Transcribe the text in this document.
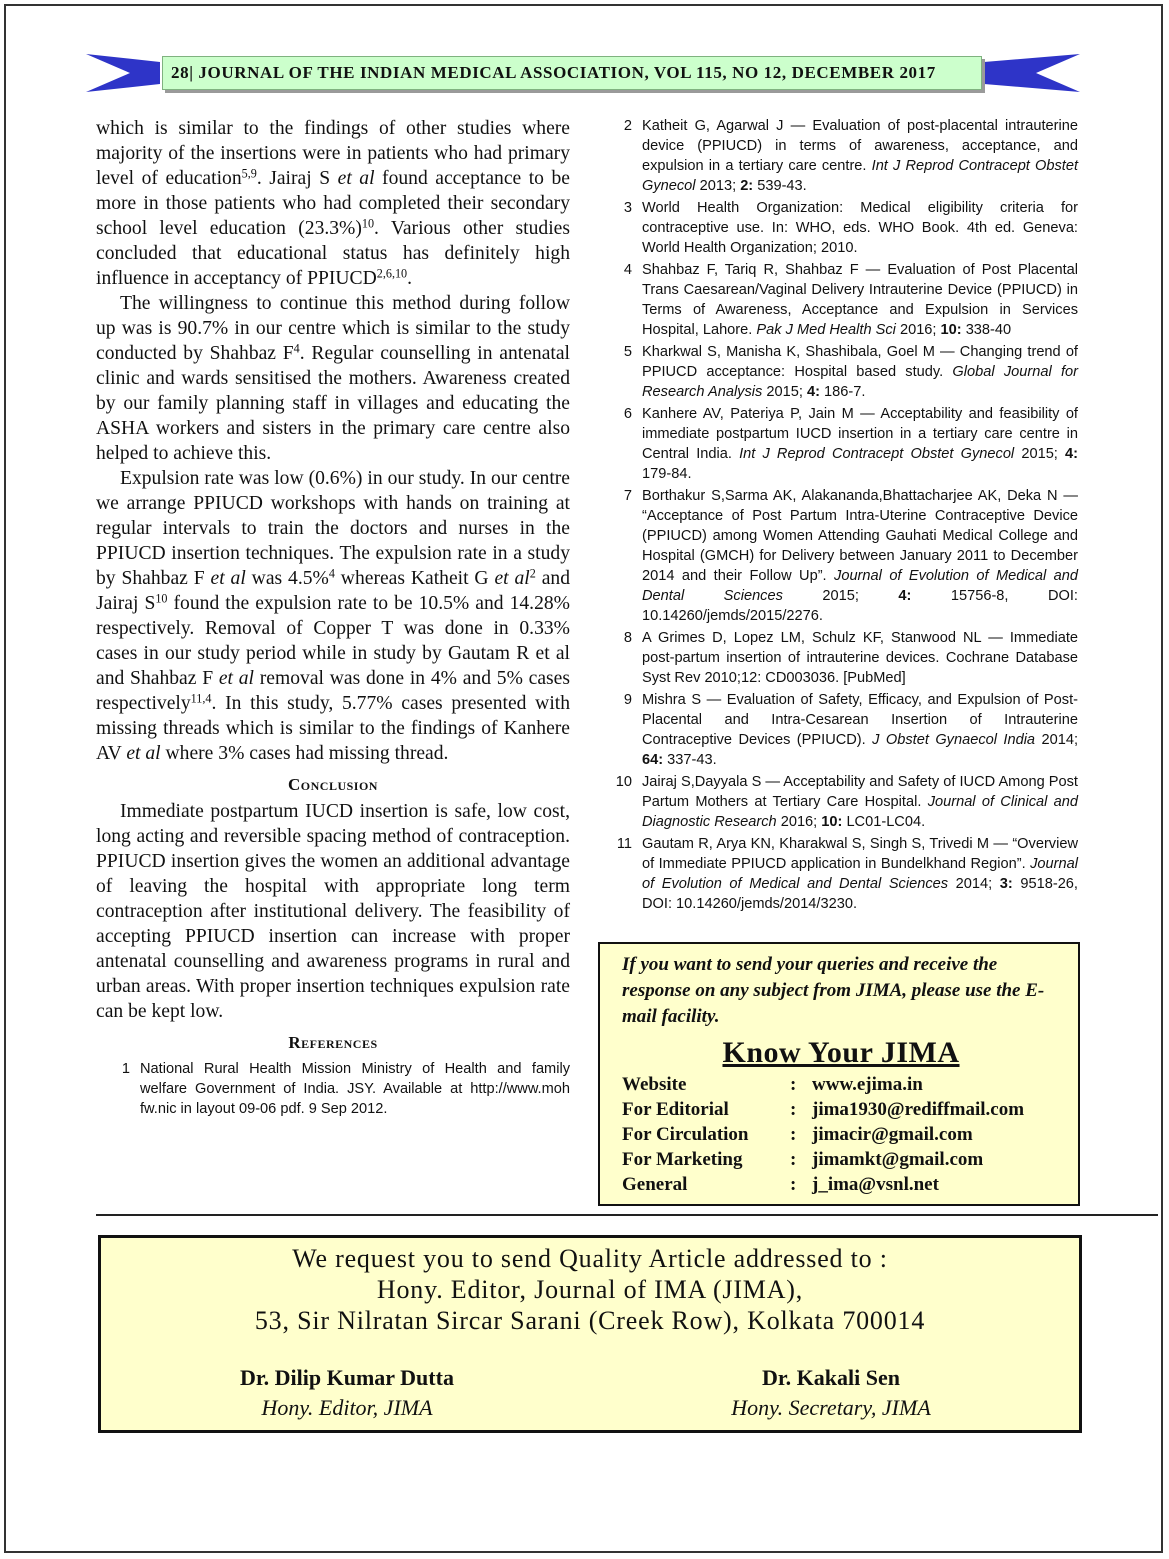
28| JOURNAL OF THE INDIAN MEDICAL ASSOCIATION, VOL 115, NO 12, DECEMBER 2017

which is similar to the findings of other studies where majority of the insertions were in patients who had primary level of education$^{5,9}$. Jairaj S et al found acceptance to be more in those patients who had completed their secondary school level education $(23.3\%)^{10}$. Various other studies concluded that educational status has definitely high influence in acceptancy of PPIUCD$^{2,6,10}$.

The willingness to continue this method during follow up was is 90.7% in our centre which is similar to the study conducted by Shahbaz $F^4$. Regular counselling in antenatal clinic and wards sensitised the mothers. Awareness created by our family planning staff in villages and educating the ASHA workers and sisters in the primary care centre also helped to achieve this.

Expulsion rate was low (0.6%) in our study. In our centre we arrange PPIUCD workshops with hands on training at regular intervals to train the doctors and nurses in the PPIUCD insertion techniques. The expulsion rate in a study by Shahbaz F et al was 4.5%$^4$ whereas Katheit G et $al^2$ and Jairaj $S^{10}$ found the expulsion rate to be 10.5% and 14.28% respectively. Removal of Copper T was done in 0.33% cases in our study period while in study by Gautam R et al and Shahbaz F et al removal was done in 4% and 5% cases respectively$^{11,4}$. In this study, 5.77% cases presented with missing threads which is similar to the findings of Kanhere AV et al where 3% cases had missing thread.

Conclusion

Immediate postpartum IUCD insertion is safe, low cost, long acting and reversible spacing method of contraception. PPIUCD insertion gives the women an additional advantage of leaving the hospital with appropriate long term contraception after institutional delivery. The feasibility of accepting PPIUCD insertion can increase with proper antenatal counselling and awareness programs in rural and urban areas. With proper insertion techniques expulsion rate can be kept low.

References

1 National Rural Health Mission Ministry of Health and family welfare Government of India. JSY. Available at http://www.moh fw.nic in layout 09-06 pdf. 9 Sep 2012.
2 Katheit G, Agarwal J — Evaluation of post-placental intrauterine device (PPIUCD) in terms of awareness, acceptance, and expulsion in a tertiary care centre. Int J Reprod Contracept Obstet Gynecol 2013; 2: 539-43.
3 World Health Organization: Medical eligibility criteria for contraceptive use. In: WHO, eds. WHO Book. 4th ed. Geneva: World Health Organization; 2010.
4 Shahbaz F, Tariq R, Shahbaz F — Evaluation of Post Placental Trans Caesarean/Vaginal Delivery Intrauterine Device (PPIUCD) in Terms of Awareness, Acceptance and Expulsion in Services Hospital, Lahore. Pak J Med Health Sci 2016; 10: 338-40
5 Kharkwal S, Manisha K, Shashibala, Goel M — Changing trend of PPIUCD acceptance: Hospital based study. Global Journal for Research Analysis 2015; 4: 186-7.
6 Kanhere AV, Pateriya P, Jain M — Acceptability and feasibility of immediate postpartum IUCD insertion in a tertiary care centre in Central India. Int J Reprod Contracept Obstet Gynecol 2015; 4: 179-84.
7 Borthakur S,Sarma AK, Alakananda,Bhattacharjee AK, Deka N — “Acceptance of Post Partum Intra-Uterine Contraceptive Device (PPIUCD) among Women Attending Gauhati Medical College and Hospital (GMCH) for Delivery between January 2011 to December 2014 and their Follow Up”. Journal of Evolution of Medical and Dental Sciences 2015; 4: 15756-8, DOI: 10.14260/jemds/2015/2276.
8 A Grimes D, Lopez LM, Schulz KF, Stanwood NL — Immediate post-partum insertion of intrauterine devices. Cochrane Database Syst Rev 2010;12: CD003036. [PubMed]
9 Mishra S — Evaluation of Safety, Efficacy, and Expulsion of Post-Placental and Intra-Cesarean Insertion of Intrauterine Contraceptive Devices (PPIUCD). J Obstet Gynaecol India 2014; 64: 337-43.
10 Jairaj S,Dayyala S — Acceptability and Safety of IUCD Among Post Partum Mothers at Tertiary Care Hospital. Journal of Clinical and Diagnostic Research 2016; 10: LC01-LC04.
11 Gautam R, Arya KN, Kharakwal S, Singh S, Trivedi M — “Overview of Immediate PPIUCD application in Bundelkhand Region”. Journal of Evolution of Medical and Dental Sciences 2014; 3: 9518-26, DOI: 10.14260/jemds/2014/3230.

If you want to send your queries and receive the response on any subject from JIMA, please use the E-mail facility.

Know Your JIMA
Website	: www.ejima.in
For Editorial	: jima1930@rediffmail.com
For Circulation	: jimacir@gmail.com
For Marketing	: jimamkt@gmail.com
General	: j_ima@vsnl.net
We request you to send Quality Article addressed to :
Hony. Editor, Journal of IMA (JIMA),
53, Sir Nilratan Sircar Sarani (Creek Row), Kolkata 700014
Dr. Dilip Kumar Dutta
Hony. Editor, JIMA
Dr. Kakali Sen
Hony. Secretary, JIMA
